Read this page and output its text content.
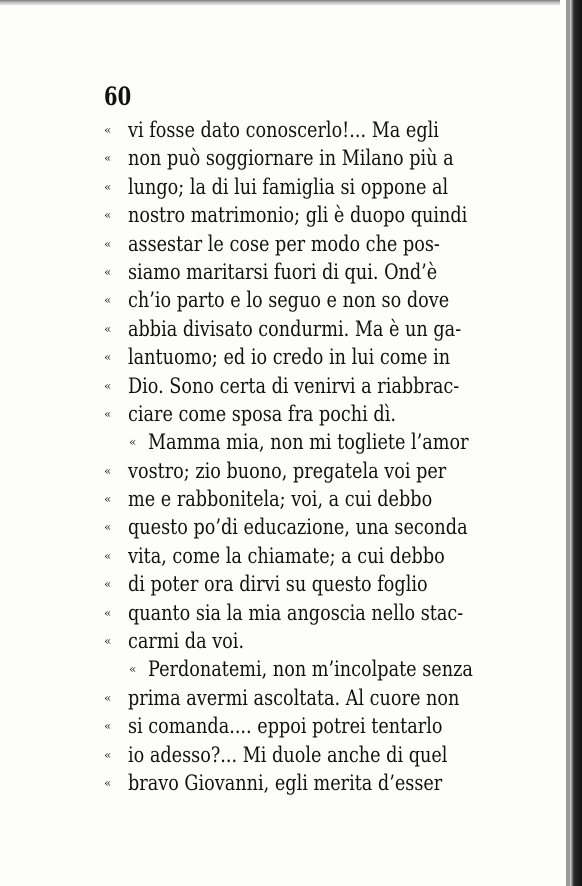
60
« vi fosse dato conoscerlo!... Ma egli
« non può soggiornare in Milano più a
« lungo; la di lui famiglia si oppone al
« nostro matrimonio; gli è duopo quindi
« assestar le cose per modo che pos-
« siamo maritarsi fuori di qui. Ond’è
« ch’io parto e lo seguo e non so dove
« abbia divisato condurmi. Ma è un ga-
« lantuomo; ed io credo in lui come in
« Dio. Sono certa di venirvi a riabbrac-
« ciare come sposa fra pochi dì.
« Mamma mia, non mi togliete l’amor
« vostro; zio buono, pregatela voi per
« me e rabbonitela; voi, a cui debbo
« questo po’di educazione, una seconda
« vita, come la chiamate; a cui debbo
« di poter ora dirvi su questo foglio
« quanto sia la mia angoscia nello stac-
« carmi da voi.
« Perdonatemi, non m’incolpate senza
« prima avermi ascoltata. Al cuore non
« si comanda.... eppoi potrei tentarlo
« io adesso?... Mi duole anche di quel
« bravo Giovanni, egli merita d’esser
